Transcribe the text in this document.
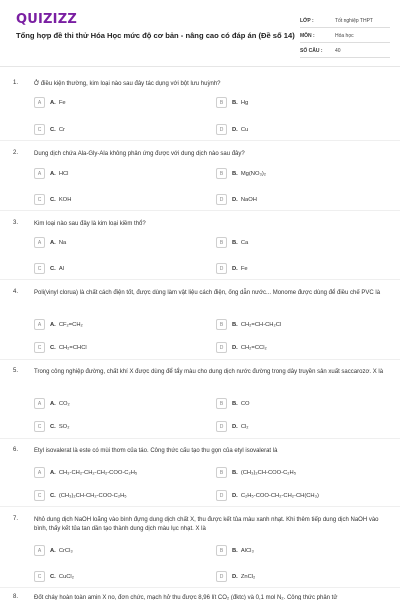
QUIZIZZ
Tổng hợp đề thi thử Hóa Học mức độ cơ bản - nâng cao có đáp án (Đề số 14)
LỚP :	Tốt nghiệp THPT
MÔN :	Hóa học
SỐ CÂU :	40
1.	Ở điều kiện thường, kim loại nào sau đây tác dụng với bột lưu huỳnh?
2.	Dung dịch chứa Ala-Gly-Ala không phản ứng được với dung dịch nào sau đây?
3.	Kim loại nào sau đây là kim loại kiềm thổ?
4.	Poli(vinyl clorua) là chất cách điện tốt, được dùng làm vật liệu cách điện, ống dẫn nước... Monome được dùng để điều chế PVC là
5.	Trong công nghiệp đường, chất khí X được dùng để tẩy màu cho dung dịch nước đường trong dây truyền sản xuất saccarozơ. X là
6.	Etyl isovalerat là este có mùi thơm của táo. Công thức cấu tạo thu gọn của etyl isovalerat là
7.	Nhỏ dung dịch NaOH loãng vào bình đựng dung dịch chất X, thu được kết tủa màu xanh nhạt. Khi thêm tiếp dung dịch NaOH vào bình, thấy kết tủa tan dần tạo thành dung dịch màu lục nhạt. X là
8.	Đốt cháy hoàn toàn amin X no, đơn chức, mạch hở thu được 8,96 lít CO₂ (đktc) và 0,1 mol N₂. Công thức phân tử
A	A. Fe	B	B. Hg
C	C. Cr	D	D. Cu
A	A. HCl	B	B. Mg(NO₃)₂
C	C. KOH	D	D. NaOH
A	A. Na	B	B. Ca
C	C. Al	D	D. Fe
A	A. CF₂=CH₂	B	B. CH₂=CH-CH₂Cl
C	C. CH₂=CHCl	D	D. CH₂=CCl₂
A	A. CO₂	B	B. CO
C	C. SO₂	D	D. Cl₂
A	A. CH₃-CH₂-CH₂-CH₂-COO-C₂H₅	B	B. (CH₃)₂CH-COO-C₂H₅
C	C. (CH₃)₂CH-CH₂-COO-C₂H₅	D	D. C₂H₅-COO-CH₂-CH₂-CH(CH₃)
A	A. CrCl₃	B	B. AlCl₃
C	C. CuCl₂	D	D. ZnCl₂
